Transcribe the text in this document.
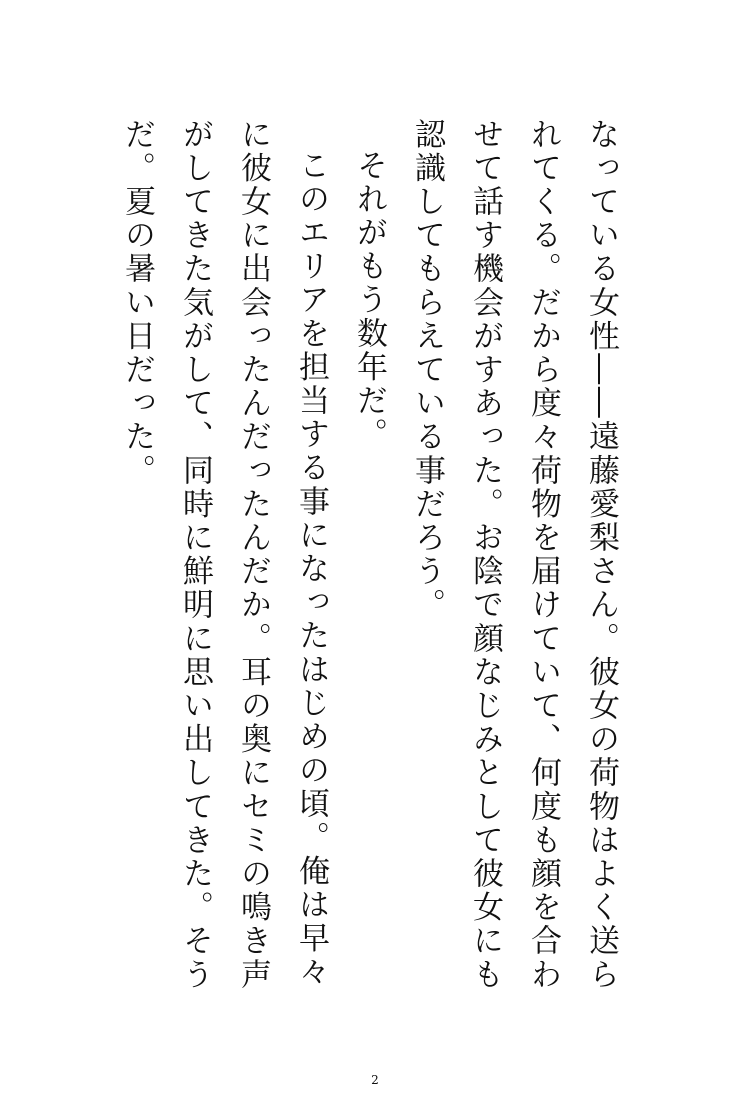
なっている女性――遠藤愛梨さん。彼女の荷物はよく送られてくる。だから度々荷物を届けていて、何度も顔を合わせて話す機会がすあった。お陰で顔なじみとして彼女にも認識してもらえている事だろう。

それがもう数年だ。

このエリアを担当する事になったはじめの頃。俺は早々に彼女に出会ったんだったんだか。耳の奥にセミの鳴き声がしてきた気がして、同時に鮮明に思い出してきた。そうだ。夏の暑い日だった。

2
